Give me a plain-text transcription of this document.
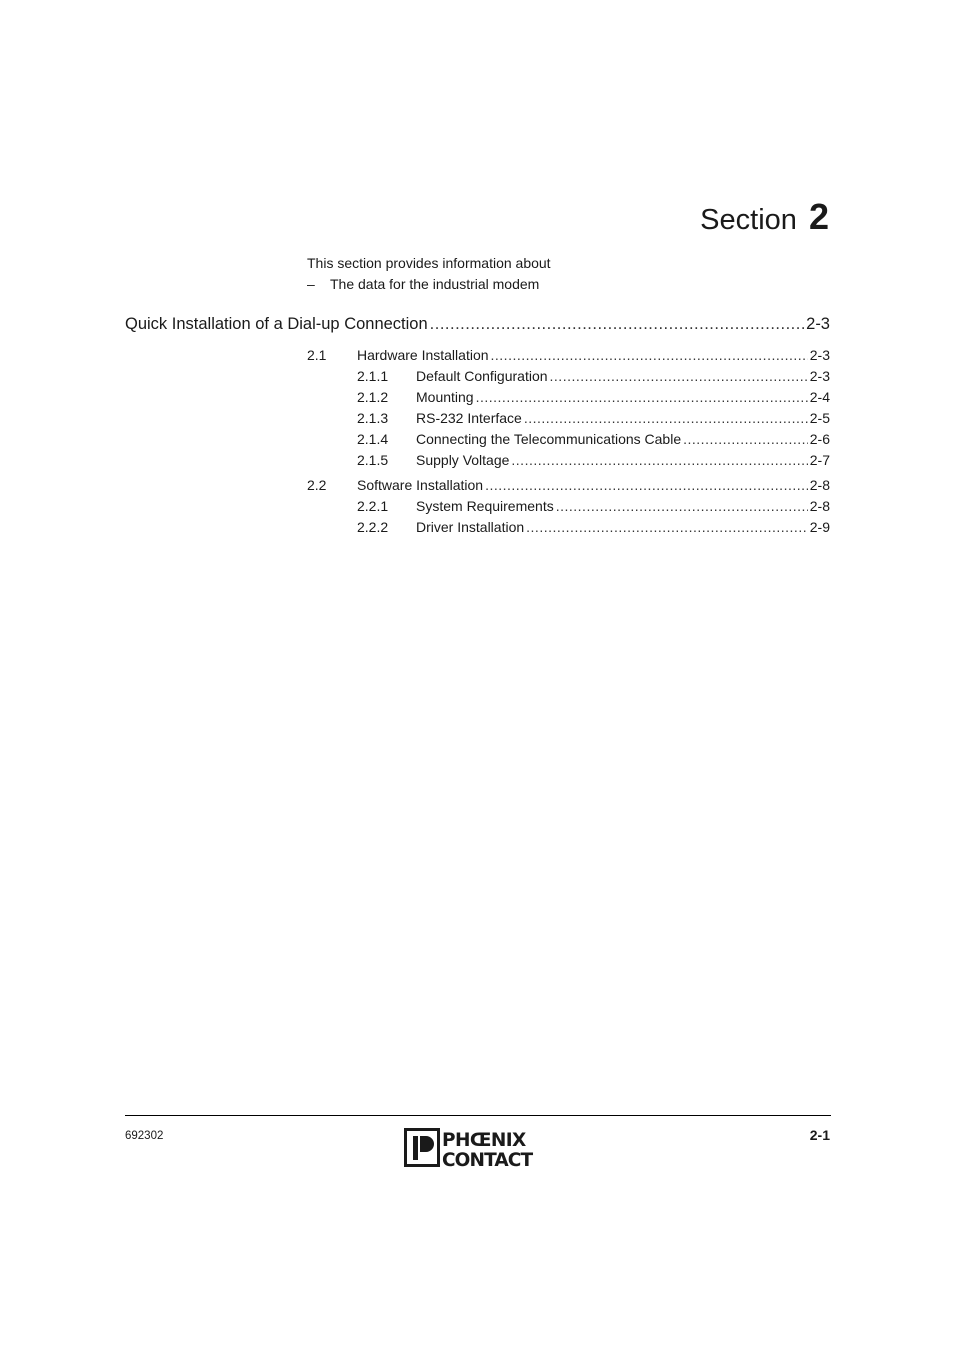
Section 2
This section provides information about
–	The data for the industrial modem
Quick Installation of a Dial-up Connection .....	2-3
2.1	Hardware Installation .....	2-3
2.1.1	Default Configuration .....	2-3
2.1.2	Mounting .....	2-4
2.1.3	RS-232 Interface .....	2-5
2.1.4	Connecting the Telecommunications Cable .....	2-6
2.1.5	Supply Voltage .....	2-7
2.2	Software Installation .....	2-8
2.2.1	System Requirements .....	2-8
2.2.2	Driver Installation .....	2-9
692302	PHŒNIX
CONTACT
2-1
